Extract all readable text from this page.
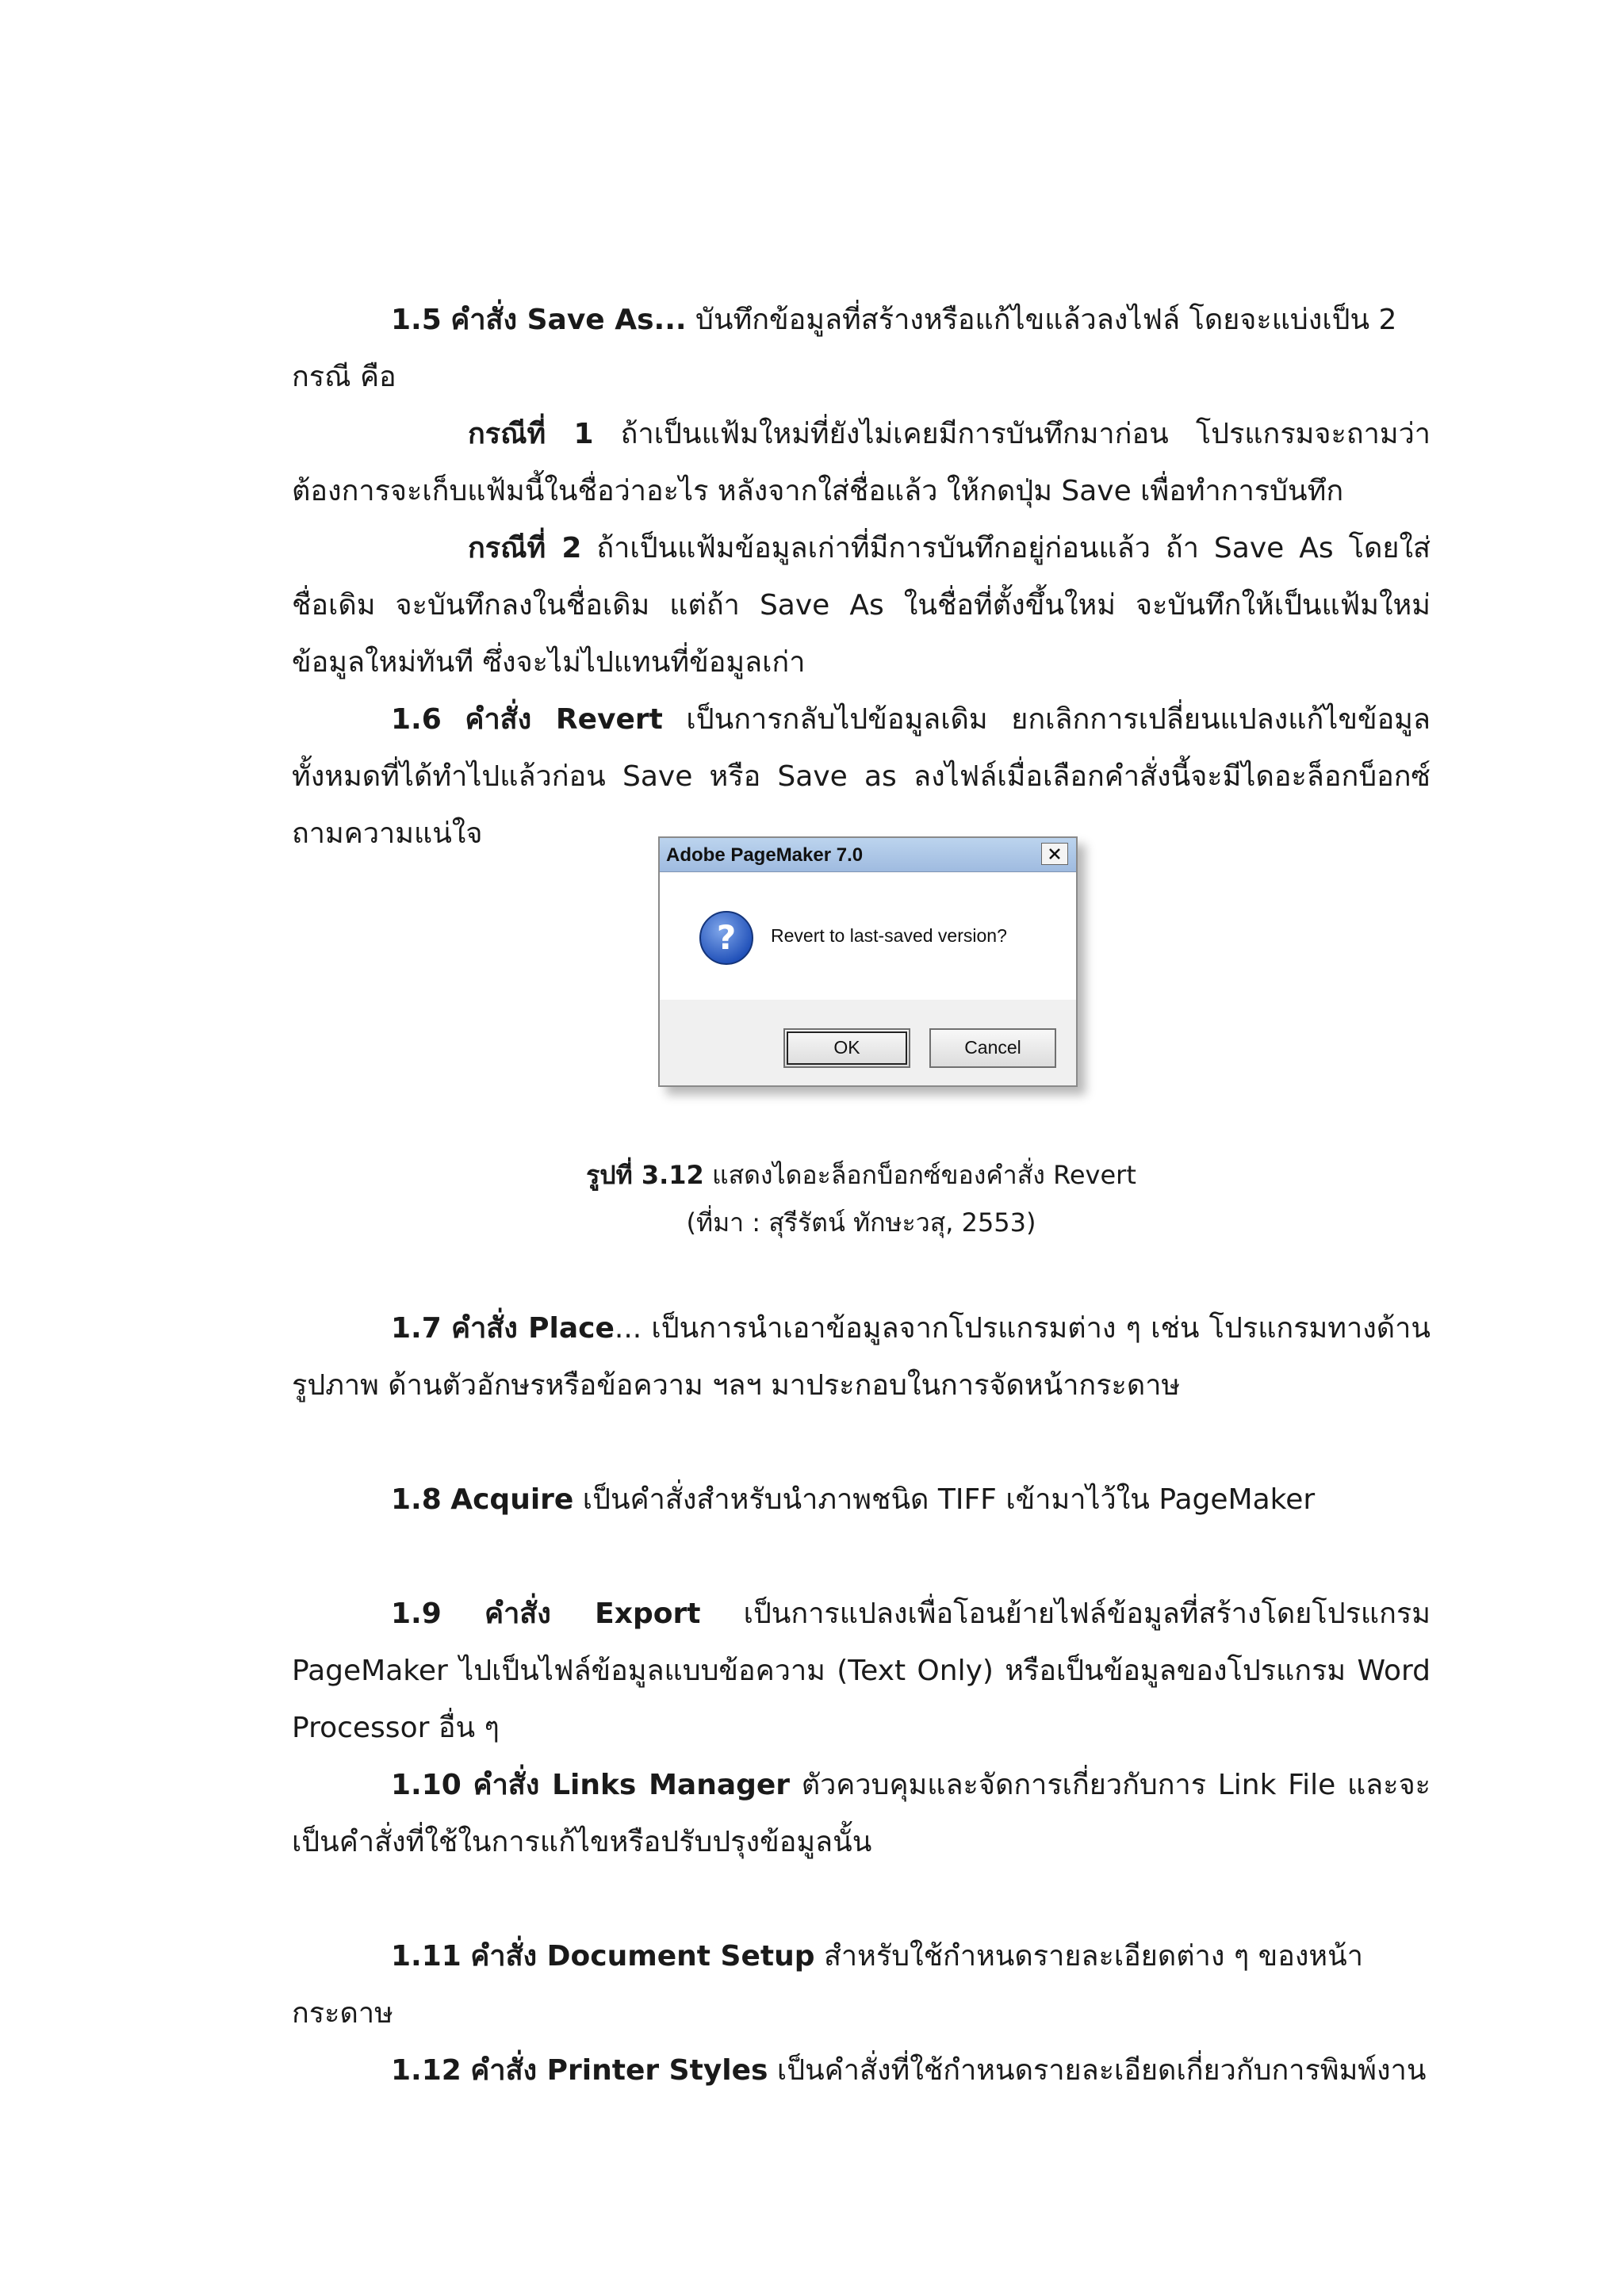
1.5 คำสั่ง Save As... บันทึกข้อมูลที่สร้างหรือแก้ไขแล้วลงไฟล์ โดยจะแบ่งเป็น 2 กรณี คือ

กรณีที่ 1 ถ้าเป็นแฟ้มใหม่ที่ยังไม่เคยมีการบันทึกมาก่อน โปรแกรมจะถามว่า ต้องการจะเก็บแฟ้มนี้ในชื่อว่าอะไร หลังจากใส่ชื่อแล้ว ให้กดปุ่ม Save เพื่อทำการบันทึก

กรณีที่ 2 ถ้าเป็นแฟ้มข้อมูลเก่าที่มีการบันทึกอยู่ก่อนแล้ว ถ้า Save As โดยใส่ชื่อเดิม จะบันทึกลงในชื่อเดิม แต่ถ้า Save As ในชื่อที่ตั้งขึ้นใหม่ จะบันทึกให้เป็นแฟ้มใหม่ข้อมูลใหม่ทันที ซึ่งจะไม่ไปแทนที่ข้อมูลเก่า

1.6 คำสั่ง Revert เป็นการกลับไปข้อมูลเดิม ยกเลิกการเปลี่ยนแปลงแก้ไขข้อมูลทั้งหมดที่ได้ทำไปแล้วก่อน Save หรือ Save as ลงไฟล์เมื่อเลือกคำสั่งนี้จะมีไดอะล็อกบ็อกซ์ถามความแน่ใจ

Adobe PageMaker 7.0
? Revert to last-saved version?
OK	Cancel
รูปที่ 3.12 แสดงไดอะล็อกบ็อกซ์ของคำสั่ง Revert
(ที่มา : สุรีรัตน์ ทักษะวสุ, 2553)

1.7 คำสั่ง Place... เป็นการนำเอาข้อมูลจากโปรแกรมต่าง ๆ เช่น โปรแกรมทางด้านรูปภาพ ด้านตัวอักษรหรือข้อความ ฯลฯ มาประกอบในการจัดหน้ากระดาษ

1.8 Acquire เป็นคำสั่งสำหรับนำภาพชนิด TIFF เข้ามาไว้ใน PageMaker

1.9 คำสั่ง Export เป็นการแปลงเพื่อโอนย้ายไฟล์ข้อมูลที่สร้างโดยโปรแกรม PageMaker ไปเป็นไฟล์ข้อมูลแบบข้อความ (Text Only) หรือเป็นข้อมูลของโปรแกรม Word Processor อื่น ๆ

1.10 คำสั่ง Links Manager ตัวควบคุมและจัดการเกี่ยวกับการ Link File และจะเป็นคำสั่งที่ใช้ในการแก้ไขหรือปรับปรุงข้อมูลนั้น

1.11 คำสั่ง Document Setup สำหรับใช้กำหนดรายละเอียดต่าง ๆ ของหน้ากระดาษ

1.12 คำสั่ง Printer Styles เป็นคำสั่งที่ใช้กำหนดรายละเอียดเกี่ยวกับการพิมพ์งาน
